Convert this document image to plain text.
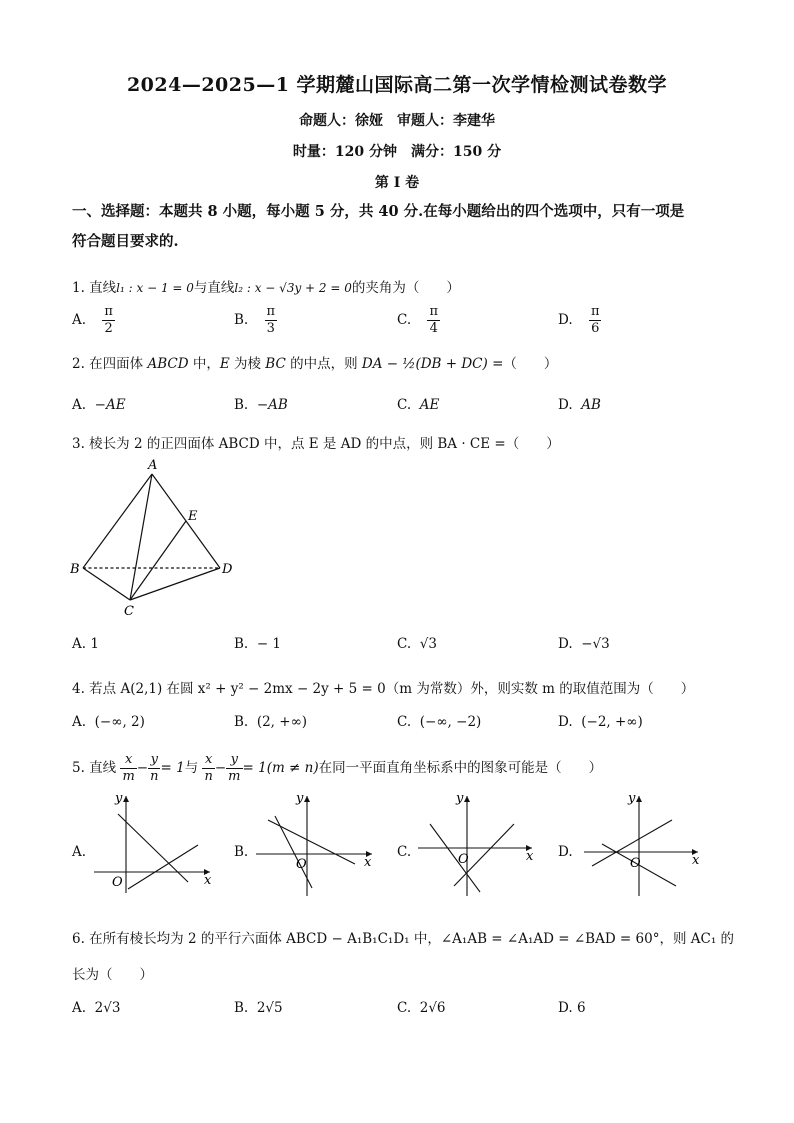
2024—2025—1 学期麓山国际高二第一次学情检测试卷数学
命题人：徐娅　审题人：李建华
时量：120 分钟　满分：150 分
第 I 卷
一、选择题：本题共 8 小题，每小题 5 分，共 40 分.在每小题给出的四个选项中，只有一项是
符合题目要求的.
1. 直线l₁ : x − 1 = 0与直线l₂ : x − √3y + 2 = 0的夹角为（　　）
A. $\frac{\pi}{2}$	B. $\frac{\pi}{3}$	C. $\frac{\pi}{4}$	D. $\frac{\pi}{6}$
2. 在四面体 ABCD 中，E 为棱 BC 的中点，则 DA − ½(DB + DC) =（　　）
A. −AE	B. −AB	C. AE	D. AB
3. 棱长为 2 的正四面体 ABCD 中，点 E 是 AD 的中点，则 BA · CE =（　　）
A
B
C
D
E
A. 1	B. − 1	C. √3	D. −√3
4. 若点 A(2,1) 在圆 x² + y² − 2mx − 2y + 5 = 0（m 为常数）外，则实数 m 的取值范围为（　　）
A. (−∞, 2)	B. (2, +∞)	C. (−∞, −2)	D. (−2, +∞)
5. 直线 $\frac{x}{m} - \frac{y}{n} = 1$与 $\frac{x}{n} - \frac{y}{m} = 1(m \ne n)$在同一平面直角坐标系中的图象可能是（　　）
A.
x
y
O
B.
x
y
O
C.	x
y
O	D.
x
y
O
6. 在所有棱长均为 2 的平行六面体 ABCD − A₁B₁C₁D₁ 中，∠A₁AB = ∠A₁AD = ∠BAD = 60°，则 AC₁ 的
长为（　　）
A. 2√3	B. 2√5	C. 2√6	D. 6
